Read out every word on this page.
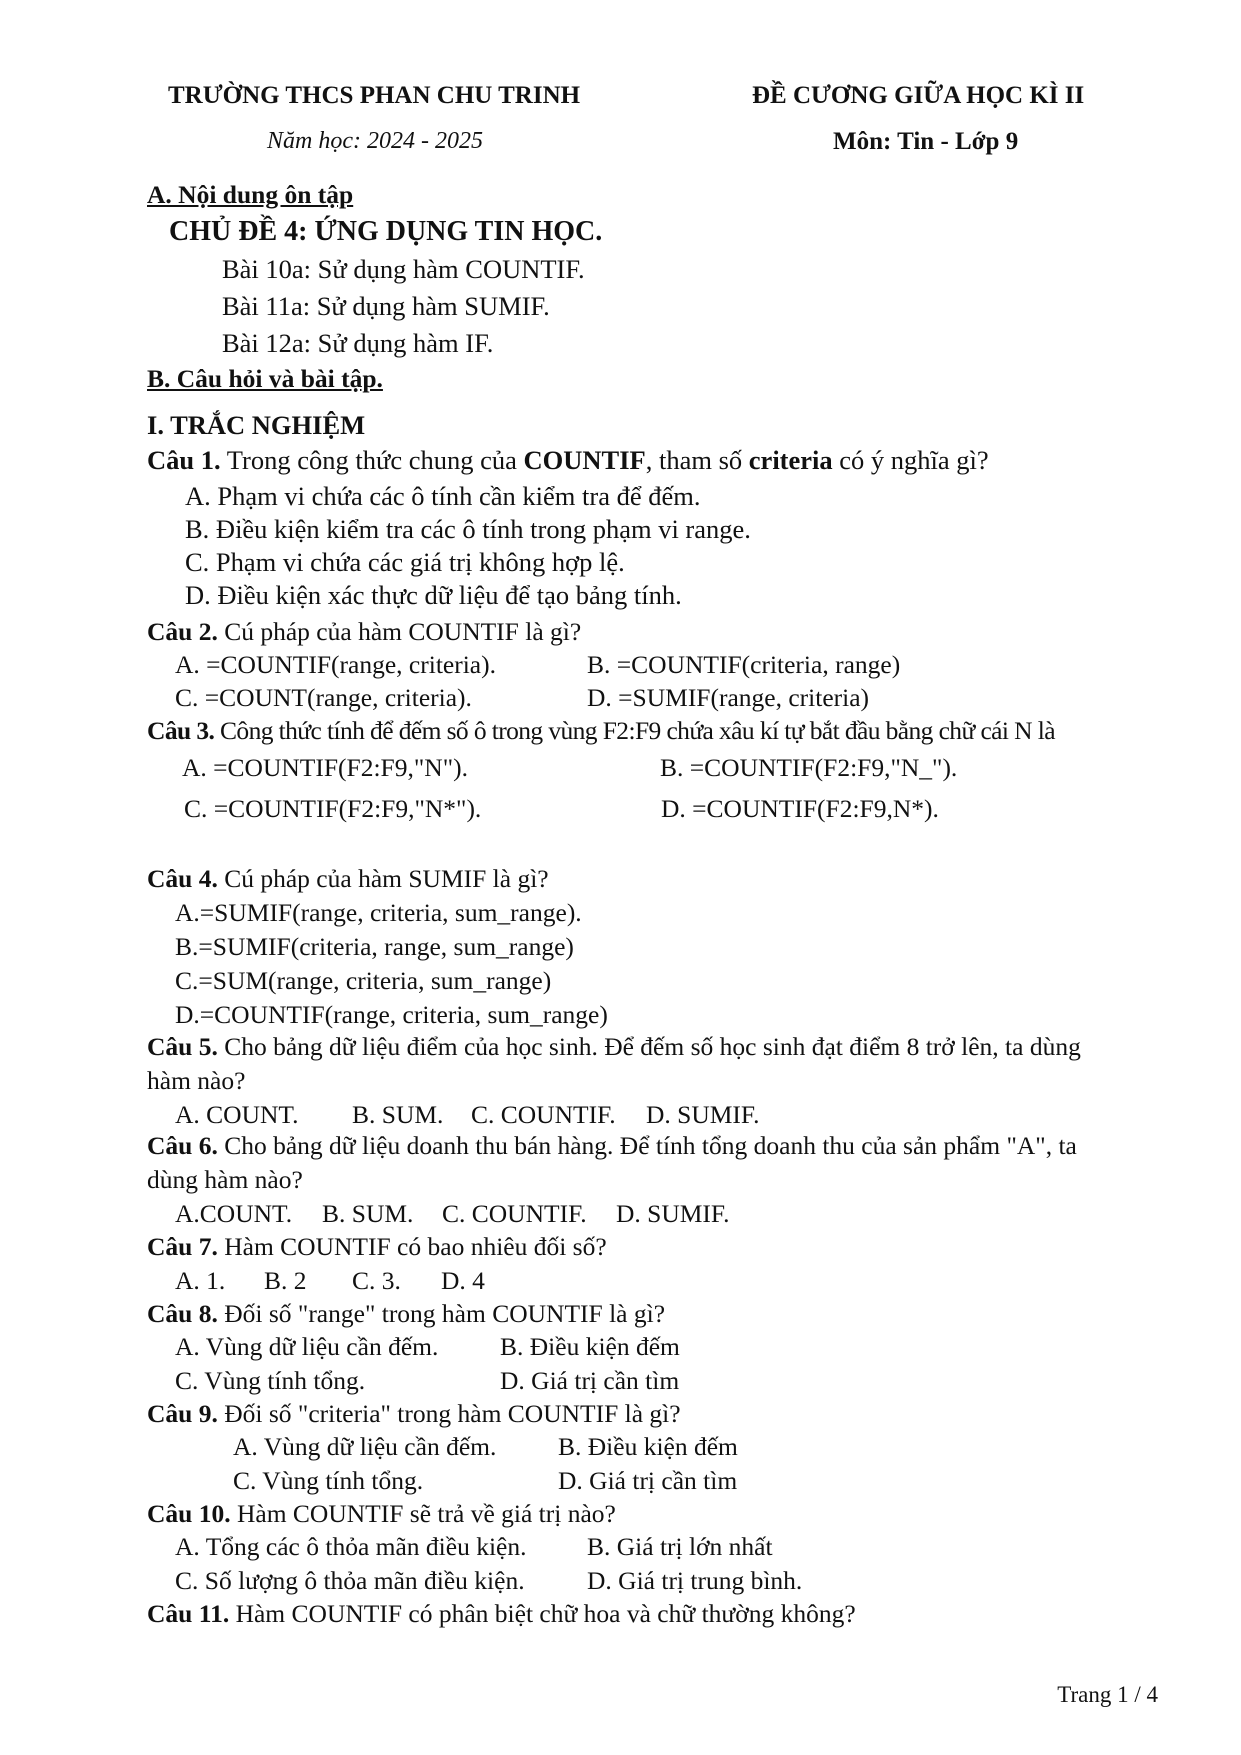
TRƯỜNG THCS PHAN CHU TRINH
Năm học: 2024 - 2025
ĐỀ CƯƠNG GIỮA HỌC KÌ II
Môn: Tin - Lớp 9
A. Nội dung ôn tập
CHỦ ĐỀ 4: ỨNG DỤNG TIN HỌC.
Bài 10a: Sử dụng hàm COUNTIF.
Bài 11a: Sử dụng hàm SUMIF.
Bài 12a: Sử dụng hàm IF.
B. Câu hỏi và bài tập.
I. TRẮC NGHIỆM
Câu 1. Trong công thức chung của COUNTIF, tham số criteria có ý nghĩa gì?
A. Phạm vi chứa các ô tính cần kiểm tra để đếm.
B. Điều kiện kiểm tra các ô tính trong phạm vi range.
C. Phạm vi chứa các giá trị không hợp lệ.
D. Điều kiện xác thực dữ liệu để tạo bảng tính.
Câu 2. Cú pháp của hàm COUNTIF là gì?
A. =COUNTIF(range, criteria).	B. =COUNTIF(criteria, range)
C. =COUNT(range, criteria).	D. =SUMIF(range, criteria)
Câu 3. Công thức tính để đếm số ô trong vùng F2:F9 chứa xâu kí tự bắt đầu bằng chữ cái N là
A. =COUNTIF(F2:F9,"N").	B. =COUNTIF(F2:F9,"N_").
C. =COUNTIF(F2:F9,"N*").	D. =COUNTIF(F2:F9,N*).
Câu 4. Cú pháp của hàm SUMIF là gì?
A.=SUMIF(range, criteria, sum_range).
B.=SUMIF(criteria, range, sum_range)
C.=SUM(range, criteria, sum_range)
D.=COUNTIF(range, criteria, sum_range)
Câu 5. Cho bảng dữ liệu điểm của học sinh. Để đếm số học sinh đạt điểm 8 trở lên, ta dùng
hàm nào?
A. COUNT. B. SUM. C. COUNTIF. D. SUMIF.
Câu 6. Cho bảng dữ liệu doanh thu bán hàng. Để tính tổng doanh thu của sản phẩm "A", ta
dùng hàm nào?
A.COUNT. B. SUM. C. COUNTIF. D. SUMIF.
Câu 7. Hàm COUNTIF có bao nhiêu đối số?
A. 1. B. 2 C. 3. D. 4
Câu 8. Đối số "range" trong hàm COUNTIF là gì?
A. Vùng dữ liệu cần đếm. B. Điều kiện đếm
C. Vùng tính tổng.	D. Giá trị cần tìm
Câu 9. Đối số "criteria" trong hàm COUNTIF là gì?
A. Vùng dữ liệu cần đếm. B. Điều kiện đếm
C. Vùng tính tổng.	D. Giá trị cần tìm
Câu 10. Hàm COUNTIF sẽ trả về giá trị nào?
A. Tổng các ô thỏa mãn điều kiện. B. Giá trị lớn nhất
C. Số lượng ô thỏa mãn điều kiện. D. Giá trị trung bình.
Câu 11. Hàm COUNTIF có phân biệt chữ hoa và chữ thường không?
Trang 1 / 4
